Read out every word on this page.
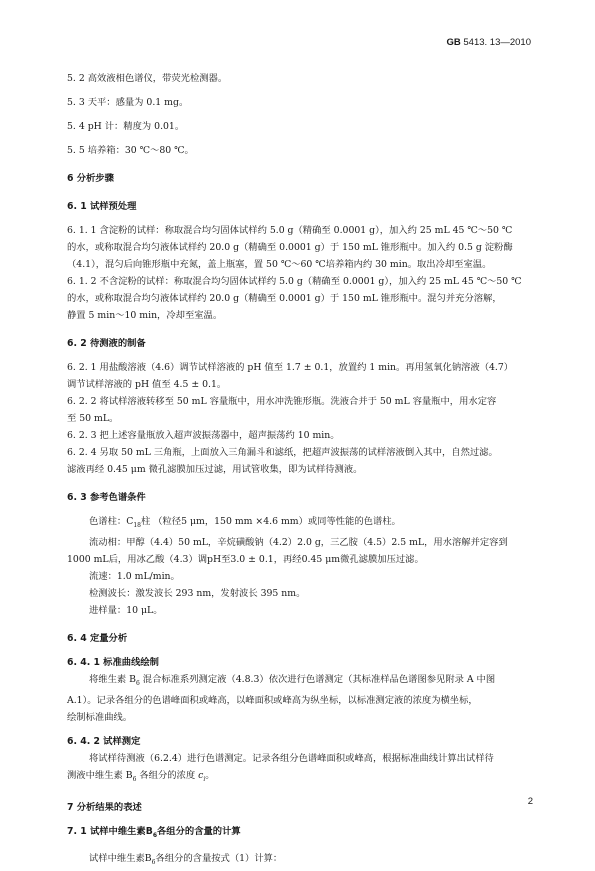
GB 5413. 13—2010

5. 2 高效液相色谱仪，带荧光检测器。

5. 3 天平：感量为 0.1 mg。

5. 4 pH 计：精度为 0.01。

5. 5 培养箱：30 ℃～80 ℃。

6 分析步骤

6. 1 试样预处理

6. 1. 1 含淀粉的试样：称取混合均匀固体试样约 5.0 g（精确至 0.0001 g），加入约 25 mL 45 ℃～50 ℃

的水，或称取混合均匀液体试样约 20.0 g（精确至 0.0001 g）于 150 mL 锥形瓶中。加入约 0.5 g 淀粉酶

（4.1），混匀后向锥形瓶中充氮，盖上瓶塞，置 50 ℃～60 ℃培养箱内约 30 min。取出冷却至室温。

6. 1. 2 不含淀粉的试样：称取混合均匀固体试样约 5.0 g（精确至 0.0001 g），加入约 25 mL 45 ℃～50 ℃

的水，或称取混合均匀液体试样约 20.0 g（精确至 0.0001 g）于 150 mL 锥形瓶中。混匀并充分溶解，

静置 5 min～10 min，冷却至室温。

6. 2 待测液的制备

6. 2. 1 用盐酸溶液（4.6）调节试样溶液的 pH 值至 1.7 ± 0.1，放置约 1 min。再用氢氧化钠溶液（4.7）

调节试样溶液的 pH 值至 4.5 ± 0.1。

6. 2. 2 将试样溶液转移至 50 mL 容量瓶中，用水冲洗锥形瓶。洗液合并于 50 mL 容量瓶中，用水定容

至 50 mL。

6. 2. 3 把上述容量瓶放入超声波振荡器中，超声振荡约 10 min。

6. 2. 4 另取 50 mL 三角瓶，上面放入三角漏斗和滤纸，把超声波振荡的试样溶液倒入其中，自然过滤。

滤液再经 0.45 μm 微孔滤膜加压过滤，用试管收集，即为试样待测液。

6. 3 参考色谱条件

色谱柱：$C_{18}$柱 （粒径5 μm，150 mm ×4.6 mm）或同等性能的色谱柱。

流动相：甲醇（4.4）50 mL，辛烷磺酸钠（4.2）2.0 g，三乙胺（4.5）2.5 mL，用水溶解并定容到

1000 mL后，用冰乙酸（4.3）调pH至3.0 ± 0.1，再经0.45 μm微孔滤膜加压过滤。

流速：1.0 mL/min。

检测波长：激发波长 293 nm，发射波长 395 nm。

进样量：10 μL。

6. 4 定量分析

6. 4. 1 标准曲线绘制

将维生素 $B_6$ 混合标准系列测定液（4.8.3）依次进行色谱测定（其标准样品色谱图参见附录 A 中图

A.1）。记录各组分的色谱峰面积或峰高，以峰面积或峰高为纵坐标，以标准测定液的浓度为横坐标，

绘制标准曲线。

6. 4. 2 试样测定

将试样待测液（6.2.4）进行色谱测定。记录各组分色谱峰面积或峰高，根据标准曲线计算出试样待

测液中维生素 $B_6$ 各组分的浓度 $c_i$。

7 分析结果的表述

7. 1 试样中维生素$B_6$各组分的含量的计算

试样中维生素$B_6$各组分的含量按式（1）计算：

2
